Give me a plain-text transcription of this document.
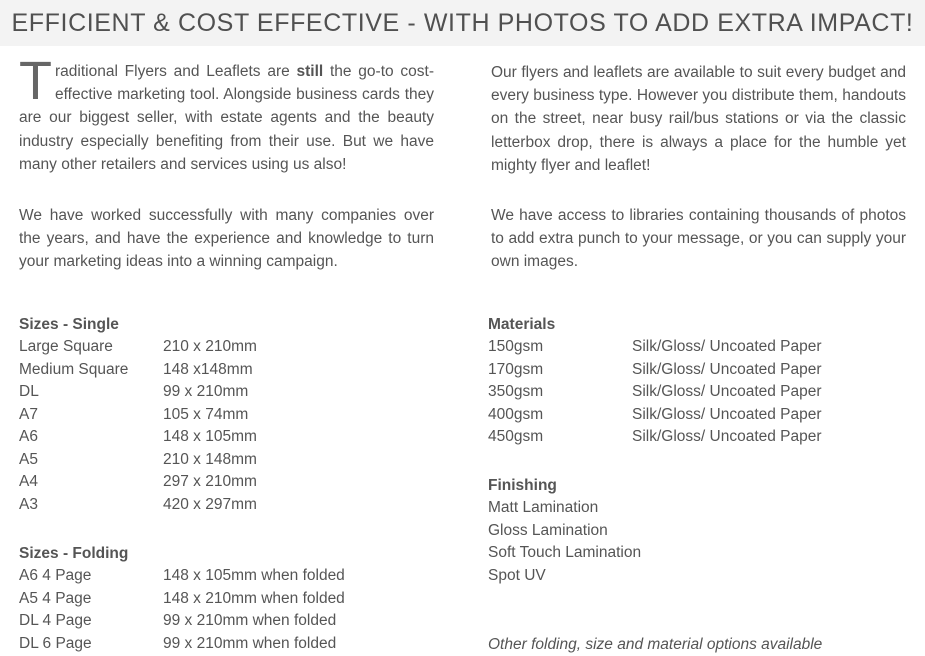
EFFICIENT & COST EFFECTIVE - WITH PHOTOS TO ADD EXTRA IMPACT!

Traditional Flyers and Leaflets are still the go-to cost-effective marketing tool. Alongside business cards they are our biggest seller, with estate agents and the beauty industry especially benefiting from their use. But we have many other retailers and services using us also!

We have worked successfully with many companies over the years, and have the experience and knowledge to turn your marketing ideas into a winning campaign.

Our flyers and leaflets are available to suit every budget and every business type. However you distribute them, handouts on the street, near busy rail/bus stations or via the classic letterbox drop, there is always a place for the humble yet mighty flyer and leaflet!

We have access to libraries containing thousands of photos to add extra punch to your message, or you can supply your own images.

Sizes - Single
Large Square	210 x 210mm
Medium Square 148 x148mm
DL	99 x 210mm
A7	105 x 74mm
A6	148 x 105mm
A5	210 x 148mm
A4	297 x 210mm
A3	420 x 297mm
Sizes - Folding
A6 4 Page	148 x 105mm when folded
A5 4 Page	148 x 210mm when folded
DL 4 Page	99 x 210mm when folded
DL 6 Page	99 x 210mm when folded
Materials
150gsm	Silk/Gloss/ Uncoated Paper
170gsm	Silk/Gloss/ Uncoated Paper
350gsm	Silk/Gloss/ Uncoated Paper
400gsm	Silk/Gloss/ Uncoated Paper
450gsm	Silk/Gloss/ Uncoated Paper
Finishing
Matt Lamination
Gloss Lamination
Soft Touch Lamination
Spot UV
Other folding, size and material options available
